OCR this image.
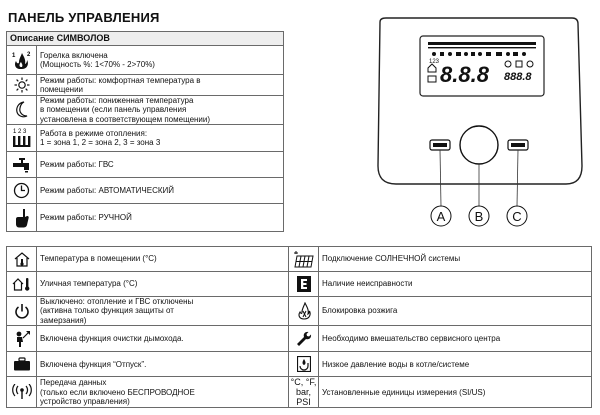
ПАНЕЛЬ УПРАВЛЕНИЯ
Описание СИМВОЛОВ	

1 2	Горелка включена
(Мощность %: 1<70% - 2>70%)

	Режим работы: комфортная температура в
помещении

	Режим работы: пониженная температура
в помещении (если панель управления
установлена в соответствующем помещении)

1 2 3	Работа в режиме отопления:
1 = зона 1, 2 = зона 2, 3 = зона 3

	Режим работы: ГВС

	Режим работы: АВТОМАТИЧЕСКИЙ

	Режим работы: РУЧНОЙ
123 8.8.8 888.8
A B C
	Температура в помещении (°C)		Подключение СОЛНЕЧНОЙ системы

	Уличная температура (°C)		Наличие неисправности

	Выключено: отопление и ГВС отключены
(активна только функция защиты от
замерзания)		Блокировка розжига

	Включена функция очистки дымохода.		Необходимо вмешательство сервисного центра

	Включена функция “Отпуск”.		Низкое давление воды в котле/системе

	Передача данных
(только если включено БЕСПРОВОДНОЕ
устройство управления)	°C, °F,
bar, PSI	Установленные единицы измерения (SI/US)
